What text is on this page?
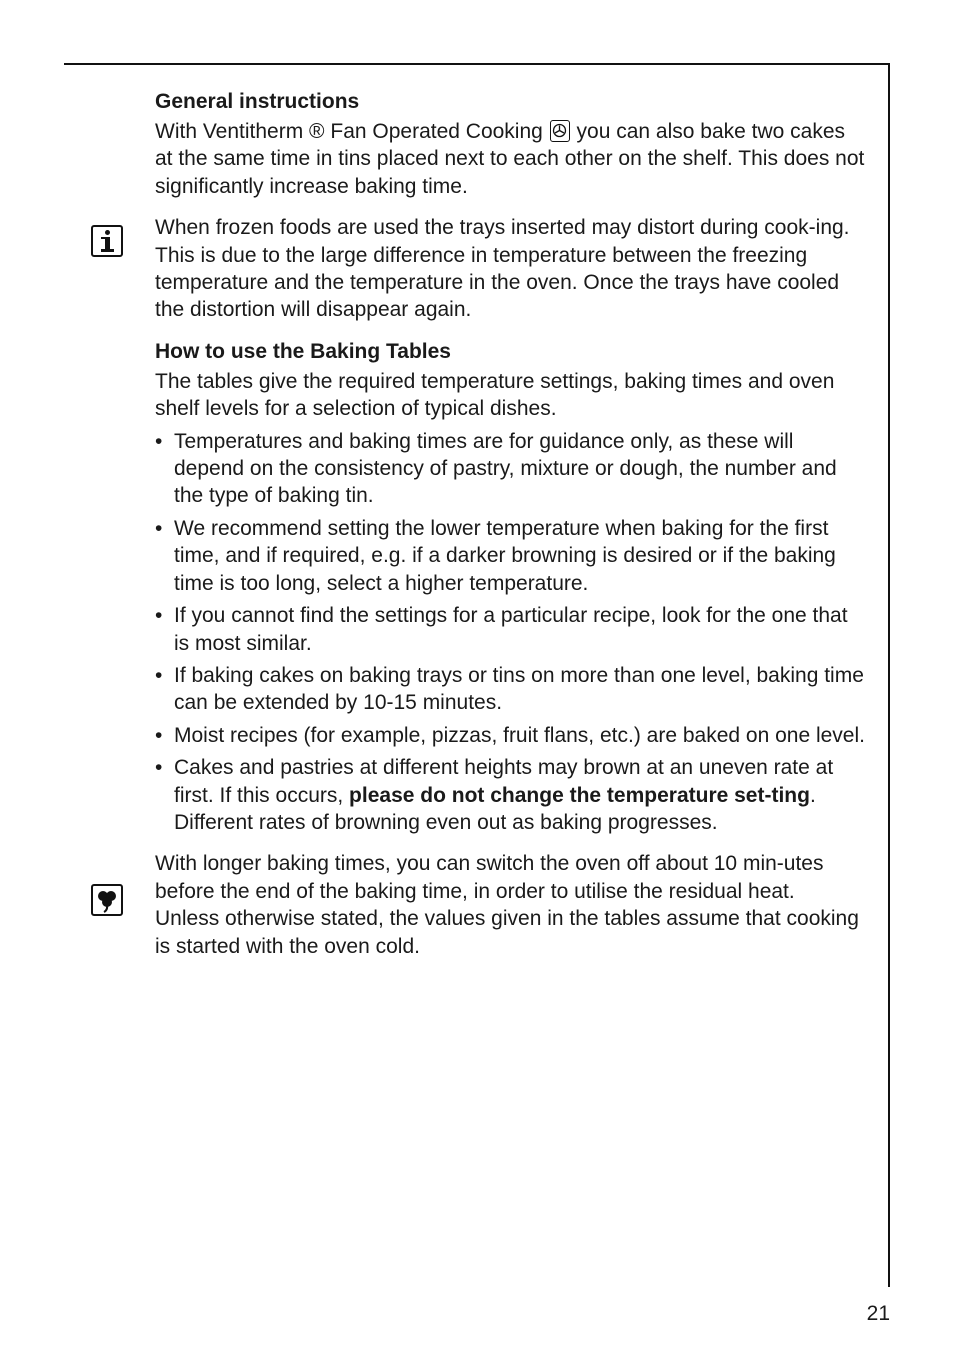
General instructions

With Ventitherm ® Fan Operated Cooking you can also bake two cakes at the same time in tins placed next to each other on the shelf. This does not significantly increase baking time.

When frozen foods are used the trays inserted may distort during cook-ing. This is due to the large difference in temperature between the freezing temperature and the temperature in the oven. Once the trays have cooled the distortion will disappear again.

How to use the Baking Tables

The tables give the required temperature settings, baking times and oven shelf levels for a selection of typical dishes.

• Temperatures and baking times are for guidance only, as these will depend on the consistency of pastry, mixture or dough, the number and the type of baking tin.
• We recommend setting the lower temperature when baking for the first time, and if required, e.g. if a darker browning is desired or if the baking time is too long, select a higher temperature.
• If you cannot find the settings for a particular recipe, look for the one that is most similar.
• If baking cakes on baking trays or tins on more than one level, baking time can be extended by 10-15 minutes.
• Moist recipes (for example, pizzas, fruit flans, etc.) are baked on one level.
• Cakes and pastries at different heights may brown at an uneven rate at first. If this occurs, please do not change the temperature set-ting. Different rates of browning even out as baking progresses.

With longer baking times, you can switch the oven off about 10 min-utes before the end of the baking time, in order to utilise the residual heat.

Unless otherwise stated, the values given in the tables assume that cooking is started with the oven cold.

21
